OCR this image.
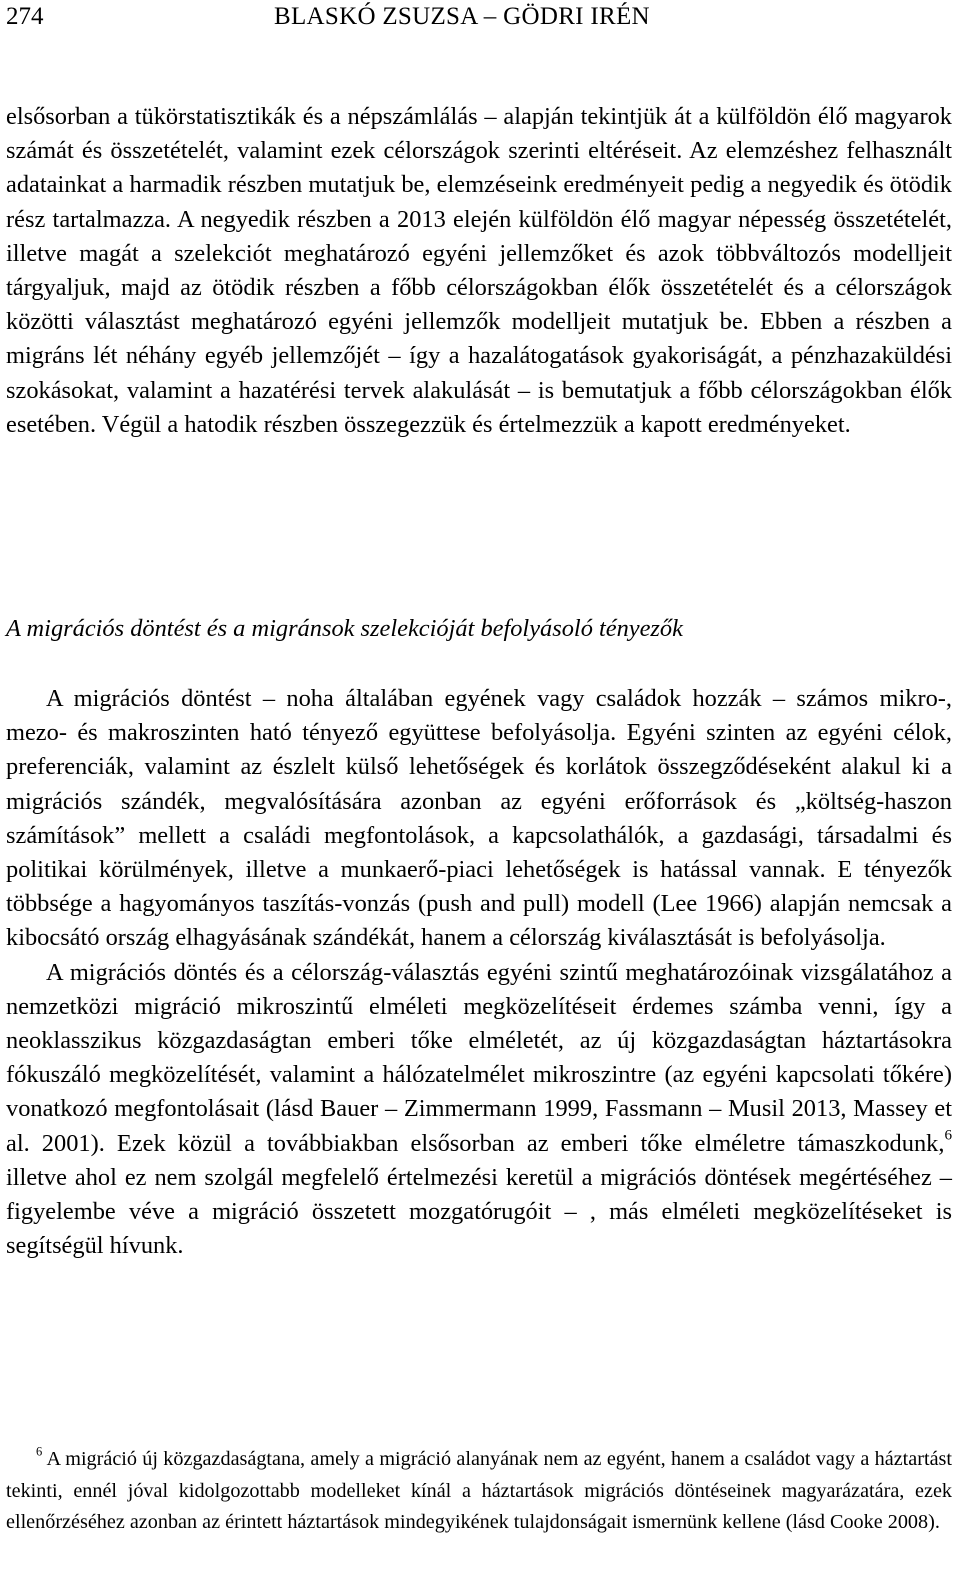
274	BLASKÓ ZSUZSA – GÖDRI IRÉN

elsősorban a tükörstatisztikák és a népszámlálás – alapján tekintjük át a külföldön élő magyarok számát és összetételét, valamint ezek célországok szerinti eltéréseit. Az elemzéshez felhasznált adatainkat a harmadik részben mutatjuk be, elemzéseink eredményeit pedig a negyedik és ötödik rész tartalmazza. A negyedik részben a 2013 elején külföldön élő magyar népesség összetételét, illetve magát a szelekciót meghatározó egyéni jellemzőket és azok többváltozós modelljeit tárgyaljuk, majd az ötödik részben a főbb célországokban élők összetételét és a célországok közötti választást meghatározó egyéni jellemzők modelljeit mutatjuk be. Ebben a részben a migráns lét néhány egyéb jellemzőjét – így a hazalátogatások gyakoriságát, a pénzhazaküldési szokásokat, valamint a hazatérési tervek alakulását – is bemutatjuk a főbb célországokban élők esetében. Végül a hatodik részben összegezzük és értelmezzük a kapott eredményeket.

A migrációs döntést és a migránsok szelekcióját befolyásoló tényezők

A migrációs döntést – noha általában egyének vagy családok hozzák – számos mikro-, mezo- és makroszinten ható tényező együttese befolyásolja. Egyéni szinten az egyéni célok, preferenciák, valamint az észlelt külső lehetőségek és korlátok összegződéseként alakul ki a migrációs szándék, megvalósítására azonban az egyéni erőforrások és „költség-haszon számítások” mellett a családi megfontolások, a kapcsolathálók, a gazdasági, társadalmi és politikai körülmények, illetve a munkaerő-piaci lehetőségek is hatással vannak. E tényezők többsége a hagyományos taszítás-vonzás (push and pull) modell (Lee 1966) alapján nemcsak a kibocsátó ország elhagyásának szándékát, hanem a célország kiválasztását is befolyásolja.

A migrációs döntés és a célország-választás egyéni szintű meghatározóinak vizsgálatához a nemzetközi migráció mikroszintű elméleti megközelítéseit érdemes számba venni, így a neoklasszikus közgazdaságtan emberi tőke elméletét, az új közgazdaságtan háztartásokra fókuszáló megközelítését, valamint a hálózatelmélet mikroszintre (az egyéni kapcsolati tőkére) vonatkozó megfontolásait (lásd Bauer – Zimmermann 1999, Fassmann – Musil 2013, Massey et al. 2001). Ezek közül a továbbiakban elsősorban az emberi tőke elméletre támaszkodunk,$^6$ illetve ahol ez nem szolgál megfelelő értelmezési keretül a migrációs döntések megértéséhez – figyelembe véve a migráció összetett mozgatórugóit – , más elméleti megközelítéseket is segítségül hívunk.

$^6$ A migráció új közgazdaságtana, amely a migráció alanyának nem az egyént, hanem a családot vagy a háztartást tekinti, ennél jóval kidolgozottabb modelleket kínál a háztartások migrációs döntéseinek magyarázatára, ezek ellenőrzéséhez azonban az érintett háztartások mindegyikének tulajdonságait ismernünk kellene (lásd Cooke 2008).
